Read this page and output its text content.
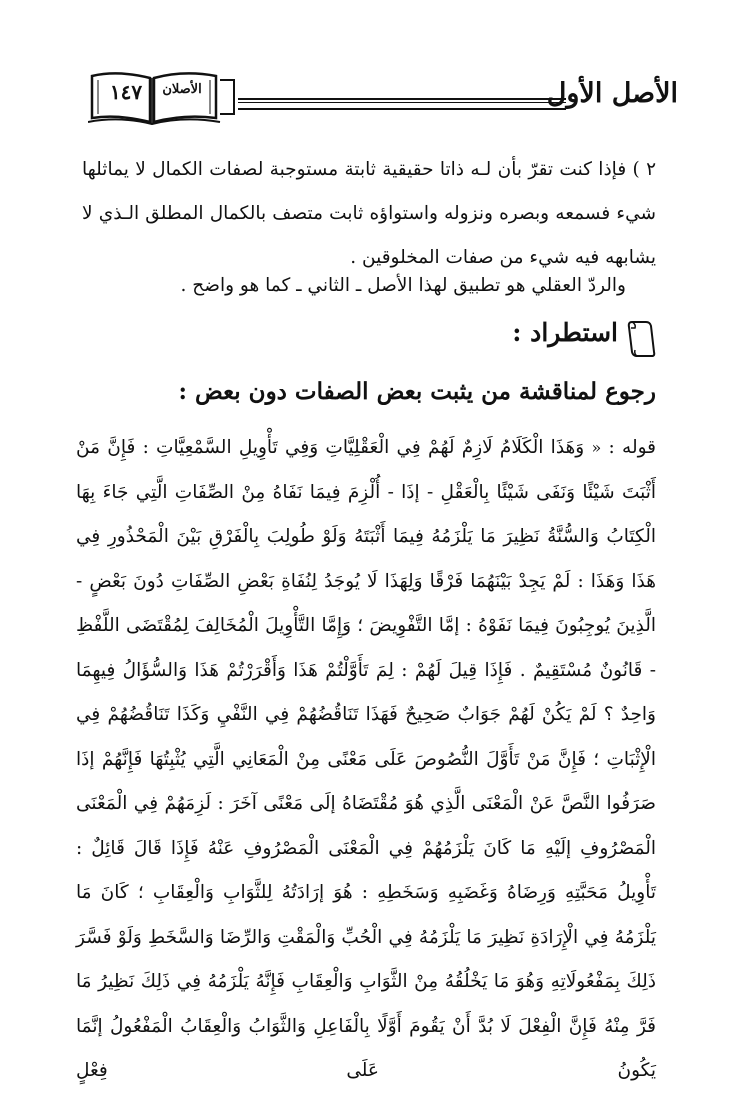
الأصل الأول
الأصلان
١٤٧
٢ ) فإذا كنت تقرّ بأن لـه ذاتا حقيقية ثابتة مستوجبة لصفات الكمال لا يماثلها شيء فسمعه وبصره ونزوله واستواؤه ثابت متصف بالكمال المطلق الـذي لا يشابهه فيه شيء من صفات المخلوقين .
والردّ العقلي هو تطبيق لهذا الأصل ـ الثاني ـ كما هو واضح .
استطراد :
رجوع لمناقشة من يثبت بعض الصفات دون بعض :
قوله : « وَهَذَا الْكَلَامُ لَازِمٌ لَهُمْ فِي الْعَقْلِيَّاتِ وَفِي تَأْوِيلِ السَّمْعِيَّاتِ : فَإِنَّ مَنْ أَثْبَتَ شَيْئًا وَنَفَى شَيْئًا بِالْعَقْلِ - إذَا - أُلْزِمَ فِيمَا نَفَاهُ مِنْ الصِّفَاتِ الَّتِي جَاءَ بِهَا الْكِتَابُ وَالسُّنَّةُ نَظِيرَ مَا يَلْزَمُهُ فِيمَا أَثْبَتَهُ وَلَوْ طُولِبَ بِالْفَرْقِ بَيْنَ الْمَحْذُورِ فِي هَذَا وَهَذَا : لَمْ يَجِدْ بَيْنَهُمَا فَرْقًا وَلِهَذَا لَا يُوجَدُ لِنُفَاةِ بَعْضِ الصِّفَاتِ دُونَ بَعْضٍ - الَّذِينَ يُوجِبُونَ فِيمَا نَفَوْهُ : إمَّا التَّفْوِيضَ ؛ وَإِمَّا التَّأْوِيلَ الْمُخَالِفَ لِمُقْتَضَى اللَّفْظِ - قَانُونٌ مُسْتَقِيمٌ . فَإِذَا قِيلَ لَهُمْ : لِمَ تَأَوَّلْتُمْ هَذَا وَأَقْرَرْتُمْ هَذَا وَالسُّؤَالُ فِيهِمَا وَاحِدٌ ؟ لَمْ يَكُنْ لَهُمْ جَوَابٌ صَحِيحٌ فَهَذَا تَنَاقُضُهُمْ فِي النَّفْيِ وَكَذَا تَنَاقُضُهُمْ فِي الْإِثْبَاتِ ؛ فَإِنَّ مَنْ تَأَوَّلَ النُّصُوصَ عَلَى مَعْنًى مِنْ الْمَعَانِي الَّتِي يُثْبِتُهَا فَإِنَّهُمْ إذَا صَرَفُوا النَّصَّ عَنْ الْمَعْنَى الَّذِي هُوَ مُقْتَضَاهُ إلَى مَعْنًى آخَرَ : لَزِمَهُمْ فِي الْمَعْنَى الْمَصْرُوفِ إلَيْهِ مَا كَانَ يَلْزَمُهُمْ فِي الْمَعْنَى الْمَصْرُوفِ عَنْهُ فَإِذَا قَالَ قَائِلٌ : تَأْوِيلُ مَحَبَّتِهِ وَرِضَاهُ وَغَضَبِهِ وَسَخَطِهِ : هُوَ إرَادَتُهُ لِلثَّوَابِ وَالْعِقَابِ ؛ كَانَ مَا يَلْزَمُهُ فِي الْإِرَادَةِ نَظِيرَ مَا يَلْزَمُهُ فِي الْحُبِّ وَالْمَقْتِ وَالرِّضَا وَالسَّخَطِ وَلَوْ فَسَّرَ ذَلِكَ بِمَفْعُولَاتِهِ وَهُوَ مَا يَخْلُقُهُ مِنْ الثَّوَابِ وَالْعِقَابِ فَإِنَّهُ يَلْزَمُهُ فِي ذَلِكَ نَظِيرُ مَا فَرَّ مِنْهُ فَإِنَّ الْفِعْلَ لَا بُدَّ أَنْ يَقُومَ أَوَّلًا بِالْفَاعِلِ وَالثَّوَابُ وَالْعِقَابُ الْمَفْعُولُ إنَّمَا يَكُونُ عَلَى فِعْلٍ
